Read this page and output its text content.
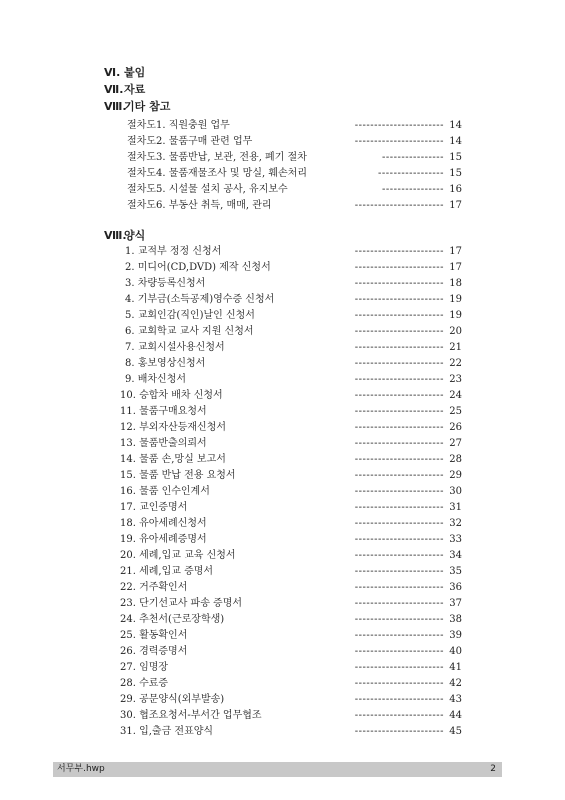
Ⅵ. 붙임
Ⅶ.자료
Ⅷ.기타 참고
-----------------------
절차도1. 직원충원 업무	14
-----------------------
절차도2. 물품구매 관련 업무	14
----------------
절차도3. 물품반납, 보관, 전용, 폐기 절차	15
-----------------
절차도4. 물품재물조사 및 망실, 훼손처리	15
----------------
절차도5. 시설물 설치 공사, 유지보수	16
-----------------------
절차도6. 부동산 취득, 매매, 관리	17
Ⅷ.양식
-----------------------
1. 교적부 정정 신청서	17
-----------------------
2. 미디어(CD,DVD) 제작 신청서	17
-----------------------
3. 차량등록신청서	18
-----------------------
4. 기부금(소득공제)영수증 신청서	19
-----------------------
5. 교회인감(직인)날인 신청서	19
-----------------------
6. 교회학교 교사 지원 신청서	20
-----------------------
7. 교회시설사용신청서	21
-----------------------
8. 홍보영상신청서	22
-----------------------
9. 배차신청서	23
-----------------------
10. 승합차 배차 신청서	24
-----------------------
11. 물품구매요청서	25
-----------------------
12. 부외자산등재신청서	26
-----------------------
13. 물품반출의뢰서	27
-----------------------
14. 물품 손,망실 보고서	28
-----------------------
15. 물품 반납 전용 요청서	29
-----------------------
16. 물품 인수인계서	30
-----------------------
17. 교인증명서	31
-----------------------
18. 유아세례신청서	32
-----------------------
19. 유아세례증명서	33
-----------------------
20. 세례,입교 교육 신청서	34
-----------------------
21. 세례,입교 증명서	35
-----------------------
22. 거주확인서	36
-----------------------
23. 단기선교사 파송 증명서	37
-----------------------
24. 추천서(근로장학생)	38
-----------------------
25. 활동확인서	39
-----------------------
26. 경력증명서	40
-----------------------
27. 임명장	41
-----------------------
28. 수료증	42
-----------------------
29. 공문양식(외부발송)	43
-----------------------
30. 협조요청서-부서간 업무협조	44
-----------------------
31. 입,출금 전표양식	45
서무부.hwp	2
